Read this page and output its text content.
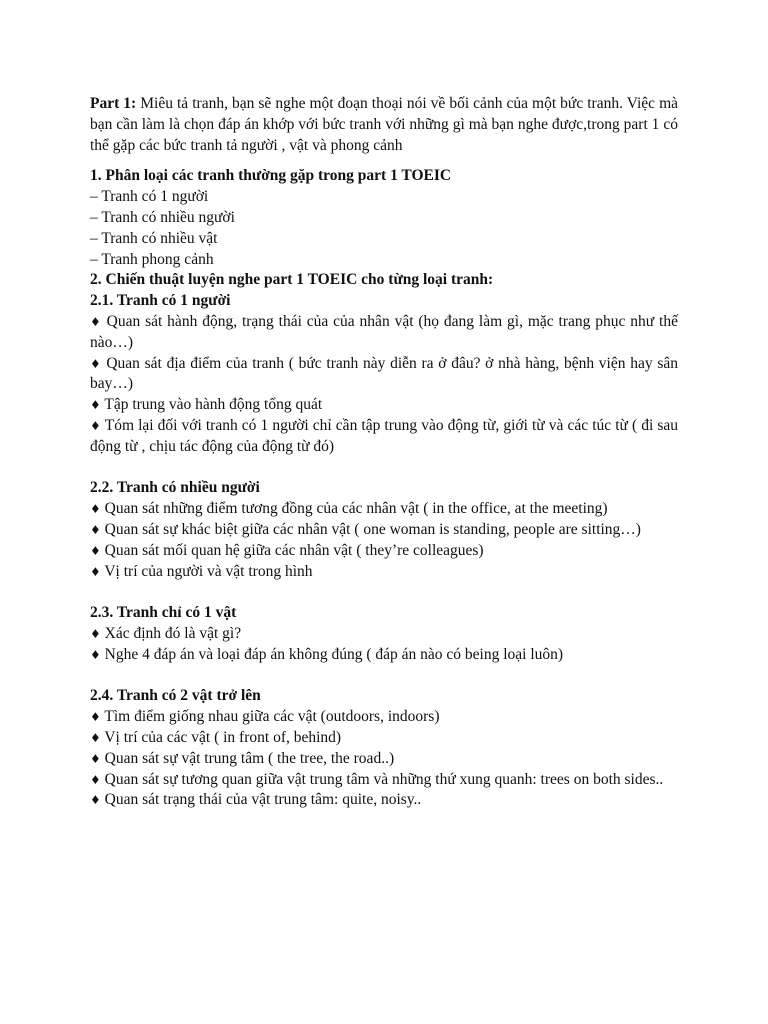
Part 1: Miêu tả tranh, bạn sẽ nghe một đoạn thoại nói về bối cảnh của một bức tranh. Việc mà bạn cần làm là chọn đáp án khớp với bức tranh với những gì mà bạn nghe được,trong part 1 có thể gặp các bức tranh tả người , vật và phong cảnh

1. Phân loại các tranh thường gặp trong part 1 TOEIC

– Tranh có 1 người

– Tranh có nhiều người

– Tranh có nhiều vật

– Tranh phong cảnh

2. Chiến thuật luyện nghe part 1 TOEIC cho từng loại tranh:

2.1. Tranh có 1 người

♦ Quan sát hành động, trạng thái của của nhân vật (họ đang làm gì, mặc trang phục như thế nào…)

♦ Quan sát địa điểm của tranh ( bức tranh này diễn ra ở đâu? ở nhà hàng, bệnh viện hay sân bay…)

♦ Tập trung vào hành động tổng quát

♦ Tóm lại đối với tranh có 1 người chỉ cần tập trung vào động từ, giới từ và các túc từ ( đi sau động từ , chịu tác động của động từ đó)

2.2. Tranh có nhiều người

♦ Quan sát những điểm tương đồng của các nhân vật ( in the office, at the meeting)

♦ Quan sát sự khác biệt giữa các nhân vật ( one woman is standing, people are sitting…)

♦ Quan sát mối quan hệ giữa các nhân vật ( they’re colleagues)

♦ Vị trí của người và vật trong hình

2.3. Tranh chỉ có 1 vật

♦ Xác định đó là vật gì?

♦ Nghe 4 đáp án và loại đáp án không đúng ( đáp án nào có being loại luôn)

2.4. Tranh có 2 vật trở lên

♦ Tìm điểm giống nhau giữa các vật (outdoors, indoors)

♦ Vị trí của các vật ( in front of, behind)

♦ Quan sát sự vật trung tâm ( the tree, the road..)

♦ Quan sát sự tương quan giữa vật trung tâm và những thứ xung quanh: trees on both sides..

♦ Quan sát trạng thái của vật trung tâm: quite, noisy..
